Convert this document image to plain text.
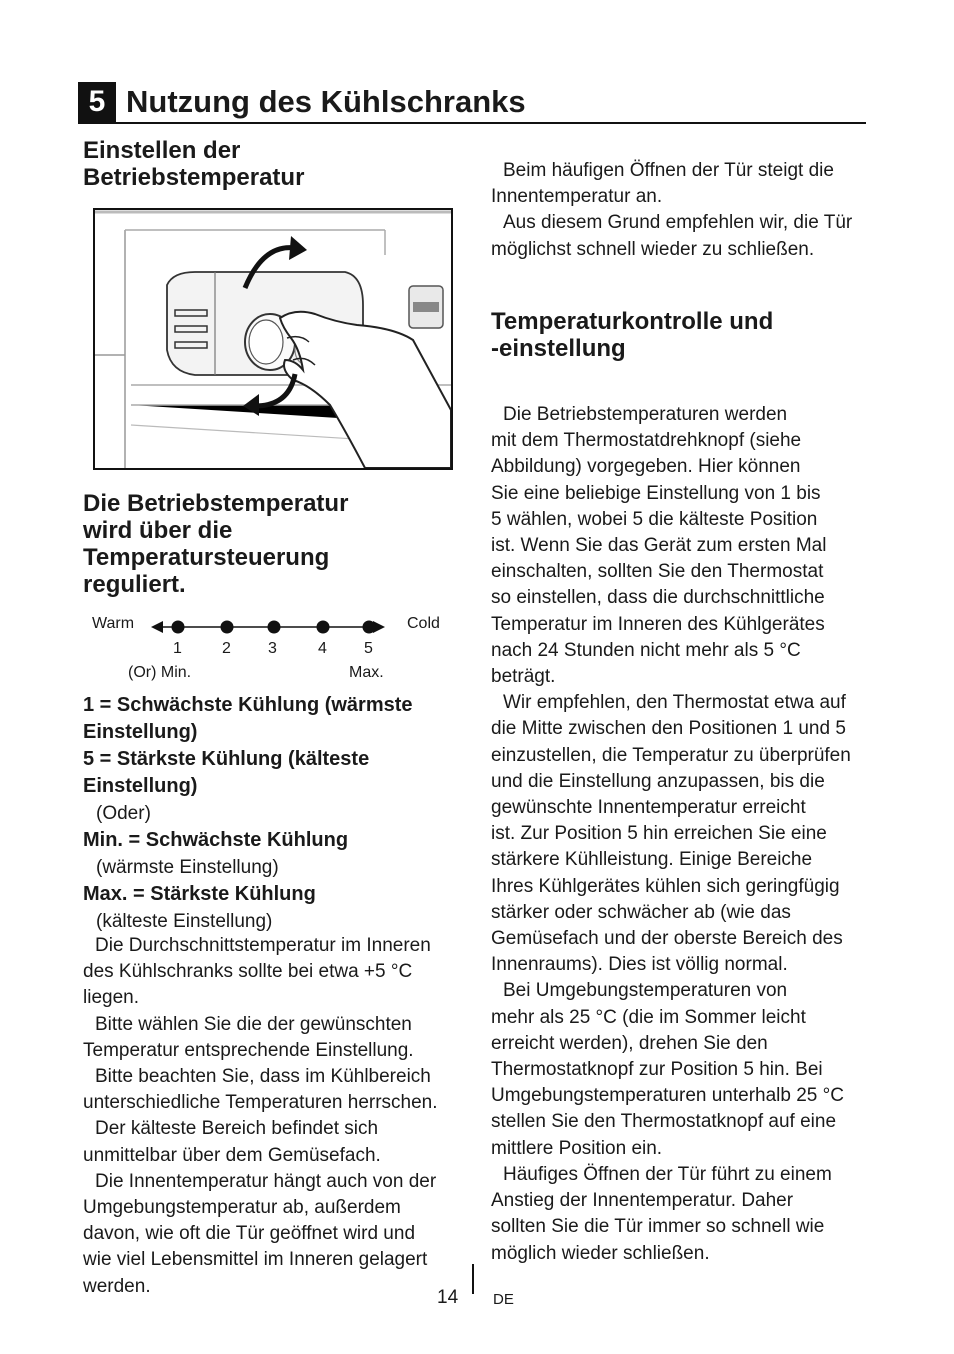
5 Nutzung des Kühlschranks
Einstellen der
Betriebstemperatur
Die Betriebstemperatur
wird über die
Temperatursteuerung
reguliert.
Warm	Cold
1	2 3	4 5
(Or) Min.	Max.
1 = Schwächste Kühlung (wärmste
Einstellung)
5 = Stärkste Kühlung (kälteste
Einstellung)
(Oder)
Min. = Schwächste Kühlung
(wärmste Einstellung)
Max. = Stärkste Kühlung
(kälteste Einstellung)
Die Durchschnittstemperatur im Inneren
des Kühlschranks sollte bei etwa +5 °C
liegen.
Bitte wählen Sie die der gewünschten
Temperatur entsprechende Einstellung.
Bitte beachten Sie, dass im Kühlbereich
unterschiedliche Temperaturen herrschen.
Der kälteste Bereich befindet sich
unmittelbar über dem Gemüsefach.
Die Innentemperatur hängt auch von der
Umgebungstemperatur ab, außerdem
davon, wie oft die Tür geöffnet wird und
wie viel Lebensmittel im Inneren gelagert
werden.
Beim häufigen Öffnen der Tür steigt die
Innentemperatur an.
Aus diesem Grund empfehlen wir, die Tür
möglichst schnell wieder zu schließen.
Temperaturkontrolle und
-einstellung
Die Betriebstemperaturen werden
mit dem Thermostatdrehknopf (siehe
Abbildung) vorgegeben. Hier können
Sie eine beliebige Einstellung von 1 bis
5 wählen, wobei 5 die kälteste Position
ist. Wenn Sie das Gerät zum ersten Mal
einschalten, sollten Sie den Thermostat
so einstellen, dass die durchschnittliche
Temperatur im Inneren des Kühlgerätes
nach 24 Stunden nicht mehr als 5 °C
beträgt.
Wir empfehlen, den Thermostat etwa auf
die Mitte zwischen den Positionen 1 und 5
einzustellen, die Temperatur zu überprüfen
und die Einstellung anzupassen, bis die
gewünschte Innentemperatur erreicht
ist. Zur Position 5 hin erreichen Sie eine
stärkere Kühlleistung. Einige Bereiche
Ihres Kühlgerätes kühlen sich geringfügig
stärker oder schwächer ab (wie das
Gemüsefach und der oberste Bereich des
Innenraums). Dies ist völlig normal.
Bei Umgebungstemperaturen von
mehr als 25 °C (die im Sommer leicht
erreicht werden), drehen Sie den
Thermostatknopf zur Position 5 hin. Bei
Umgebungstemperaturen unterhalb 25 °C
stellen Sie den Thermostatknopf auf eine
mittlere Position ein.
Häufiges Öffnen der Tür führt zu einem
Anstieg der Innentemperatur. Daher
sollten Sie die Tür immer so schnell wie
möglich wieder schließen.
14 DE
